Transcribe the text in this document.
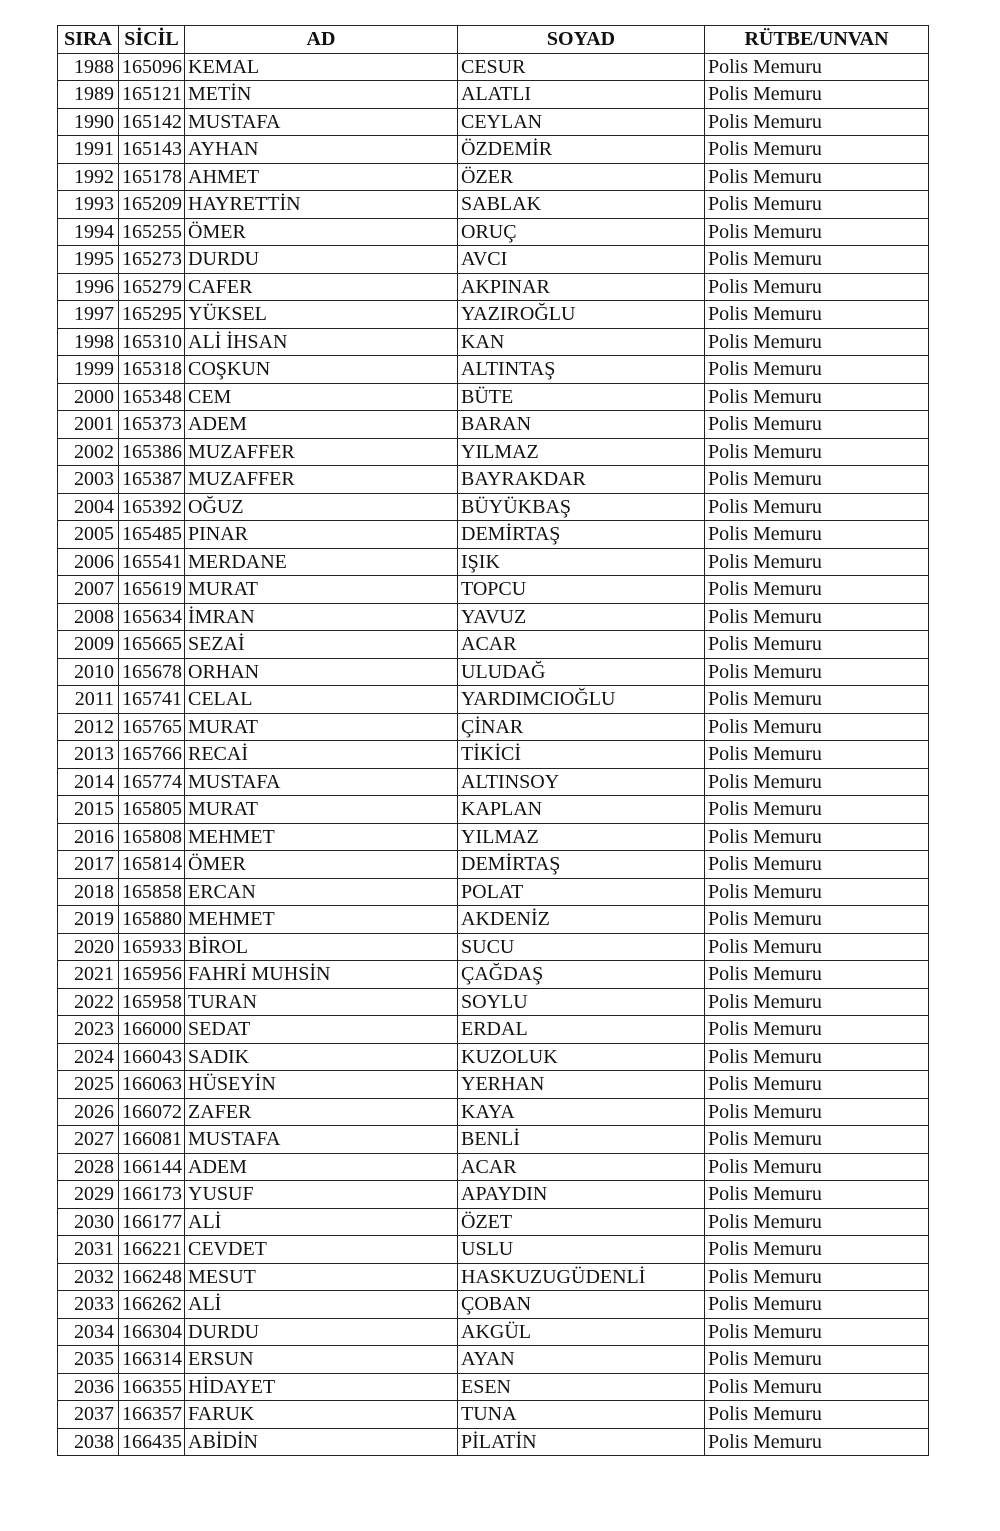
SIRA	SİCİL	AD	SOYAD	RÜTBE/UNVAN
1988	165096	KEMAL	CESUR	Polis Memuru
1989	165121	METİN	ALATLI	Polis Memuru
1990	165142	MUSTAFA	CEYLAN	Polis Memuru
1991	165143	AYHAN	ÖZDEMİR	Polis Memuru
1992	165178	AHMET	ÖZER	Polis Memuru
1993	165209	HAYRETTİN	SABLAK	Polis Memuru
1994	165255	ÖMER	ORUÇ	Polis Memuru
1995	165273	DURDU	AVCI	Polis Memuru
1996	165279	CAFER	AKPINAR	Polis Memuru
1997	165295	YÜKSEL	YAZIROĞLU	Polis Memuru
1998	165310	ALİ İHSAN	KAN	Polis Memuru
1999	165318	COŞKUN	ALTINTAŞ	Polis Memuru
2000	165348	CEM	BÜTE	Polis Memuru
2001	165373	ADEM	BARAN	Polis Memuru
2002	165386	MUZAFFER	YILMAZ	Polis Memuru
2003	165387	MUZAFFER	BAYRAKDAR	Polis Memuru
2004	165392	OĞUZ	BÜYÜKBAŞ	Polis Memuru
2005	165485	PINAR	DEMİRTAŞ	Polis Memuru
2006	165541	MERDANE	IŞIK	Polis Memuru
2007	165619	MURAT	TOPCU	Polis Memuru
2008	165634	İMRAN	YAVUZ	Polis Memuru
2009	165665	SEZAİ	ACAR	Polis Memuru
2010	165678	ORHAN	ULUDAĞ	Polis Memuru
2011	165741	CELAL	YARDIMCIOĞLU	Polis Memuru
2012	165765	MURAT	ÇİNAR	Polis Memuru
2013	165766	RECAİ	TİKİCİ	Polis Memuru
2014	165774	MUSTAFA	ALTINSOY	Polis Memuru
2015	165805	MURAT	KAPLAN	Polis Memuru
2016	165808	MEHMET	YILMAZ	Polis Memuru
2017	165814	ÖMER	DEMİRTAŞ	Polis Memuru
2018	165858	ERCAN	POLAT	Polis Memuru
2019	165880	MEHMET	AKDENİZ	Polis Memuru
2020	165933	BİROL	SUCU	Polis Memuru
2021	165956	FAHRİ MUHSİN	ÇAĞDAŞ	Polis Memuru
2022	165958	TURAN	SOYLU	Polis Memuru
2023	166000	SEDAT	ERDAL	Polis Memuru
2024	166043	SADIK	KUZOLUK	Polis Memuru
2025	166063	HÜSEYİN	YERHAN	Polis Memuru
2026	166072	ZAFER	KAYA	Polis Memuru
2027	166081	MUSTAFA	BENLİ	Polis Memuru
2028	166144	ADEM	ACAR	Polis Memuru
2029	166173	YUSUF	APAYDIN	Polis Memuru
2030	166177	ALİ	ÖZET	Polis Memuru
2031	166221	CEVDET	USLU	Polis Memuru
2032	166248	MESUT	HASKUZUGÜDENLİ	Polis Memuru
2033	166262	ALİ	ÇOBAN	Polis Memuru
2034	166304	DURDU	AKGÜL	Polis Memuru
2035	166314	ERSUN	AYAN	Polis Memuru
2036	166355	HİDAYET	ESEN	Polis Memuru
2037	166357	FARUK	TUNA	Polis Memuru
2038	166435	ABİDİN	PİLATİN	Polis Memuru
